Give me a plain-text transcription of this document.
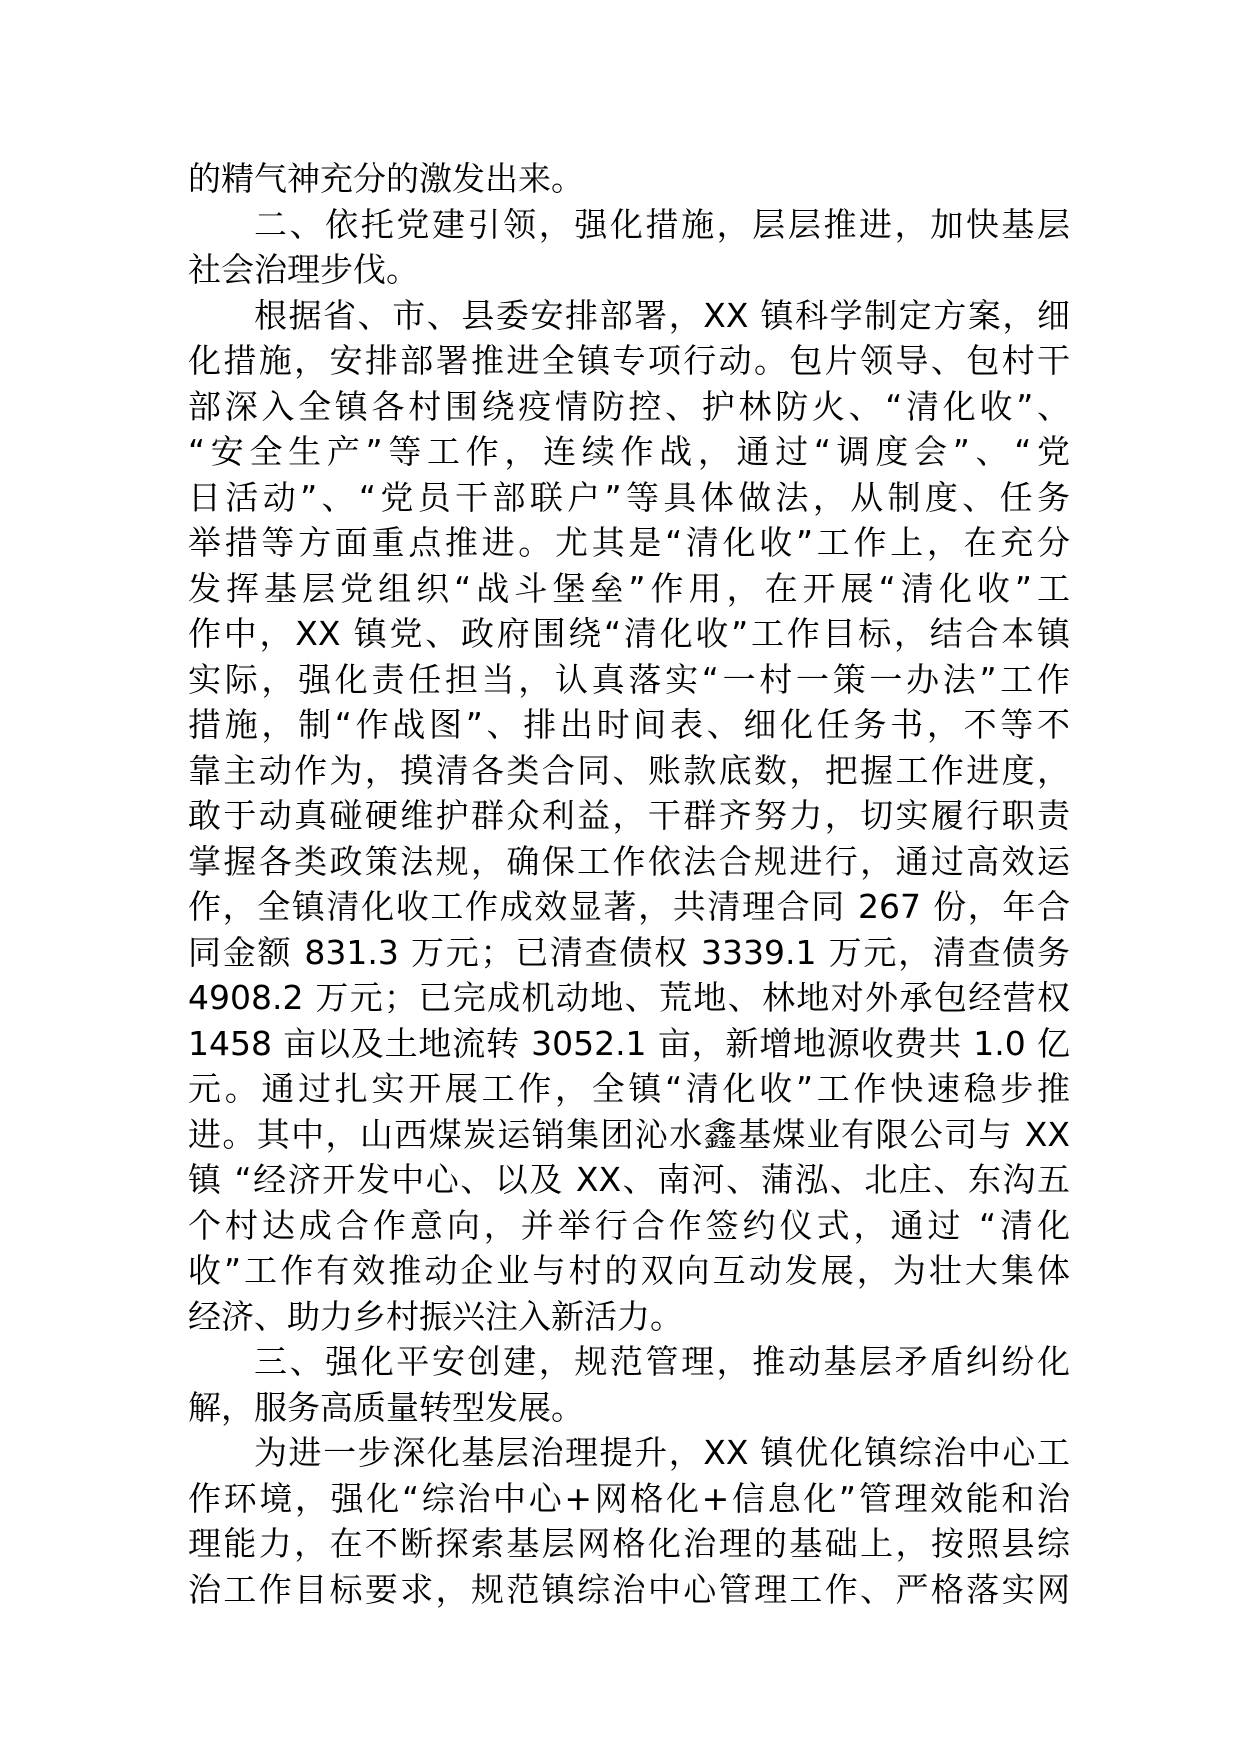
的精气神充分的激发出来。
二、依托党建引领，强化措施，层层推进，加快基层
社会治理步伐。
根据省、市、县委安排部署，XX 镇科学制定方案，细
化措施，安排部署推进全镇专项行动。包片领导、包村干
部深入全镇各村围绕疫情防控、护林防火、“清化收”、
“安全生产”等工作，连续作战，通过“调度会”、“党
日活动”、“党员干部联户”等具体做法，从制度、任务
举措等方面重点推进。尤其是“清化收”工作上，在充分
发挥基层党组织“战斗堡垒”作用，在开展“清化收”工
作中，XX 镇党、政府围绕“清化收”工作目标，结合本镇
实际，强化责任担当，认真落实“一村一策一办法”工作
措施，制“作战图”、排出时间表、细化任务书，不等不
靠主动作为，摸清各类合同、账款底数，把握工作进度，
敢于动真碰硬维护群众利益，干群齐努力，切实履行职责
掌握各类政策法规，确保工作依法合规进行，通过高效运
作，全镇清化收工作成效显著，共清理合同 267 份，年合
同金额 831.3 万元；已清查债权 3339.1 万元，清查债务
4908.2 万元；已完成机动地、荒地、林地对外承包经营权
1458 亩以及土地流转 3052.1 亩，新增地源收费共 1.0 亿
元。通过扎实开展工作，全镇“清化收”工作快速稳步推
进。其中，山西煤炭运销集团沁水鑫基煤业有限公司与 XX
镇 “经济开发中心、以及 XX、南河、蒲泓、北庄、东沟五
个村达成合作意向，并举行合作签约仪式，通过 “清化
收”工作有效推动企业与村的双向互动发展，为壮大集体
经济、助力乡村振兴注入新活力。
三、强化平安创建，规范管理，推动基层矛盾纠纷化
解，服务高质量转型发展。
为进一步深化基层治理提升，XX 镇优化镇综治中心工
作环境，强化“综治中心+网格化+信息化”管理效能和治
理能力，在不断探索基层网格化治理的基础上，按照县综
治工作目标要求，规范镇综治中心管理工作、严格落实网
